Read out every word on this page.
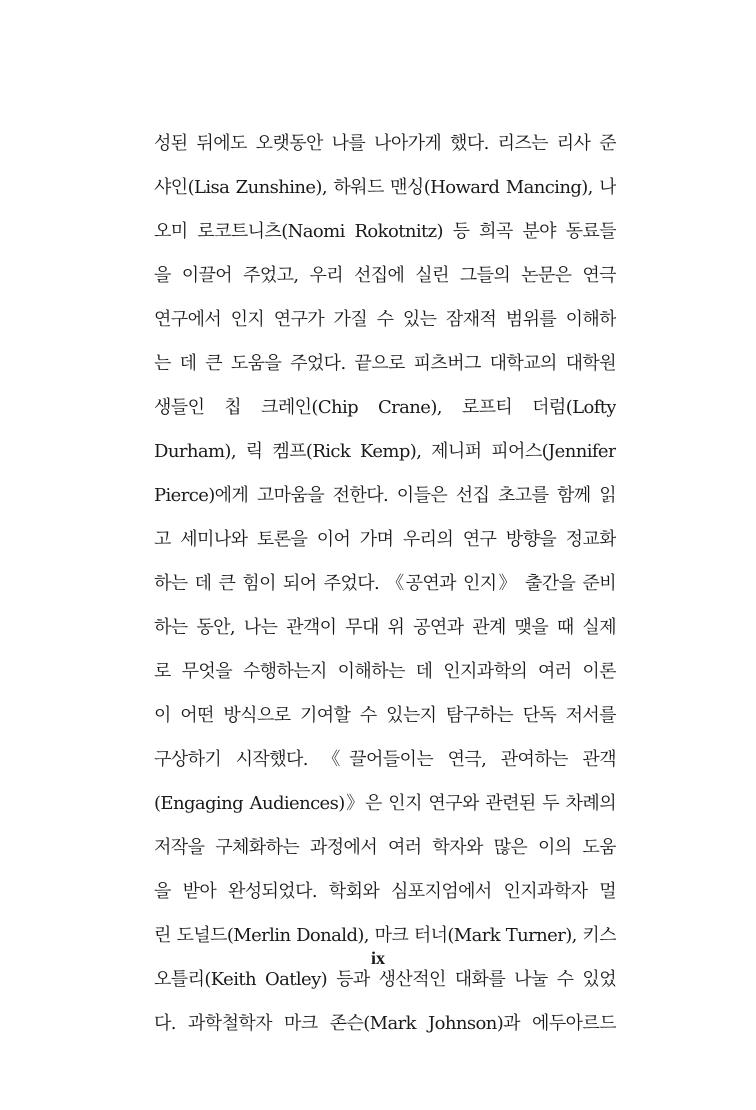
성된 뒤에도 오랫동안 나를 나아가게 했다. 리즈는 리사 준
샤인(Lisa Zunshine), 하워드 맨싱(Howard Mancing), 나
오미 로코트니츠(Naomi Rokotnitz) 등 희곡 분야 동료들
을 이끌어 주었고, 우리 선집에 실린 그들의 논문은 연극
연구에서 인지 연구가 가질 수 있는 잠재적 범위를 이해하
는 데 큰 도움을 주었다. 끝으로 피츠버그 대학교의 대학원
생들인 칩 크레인(Chip Crane), 로프티 더럼(Lofty
Durham), 릭 켐프(Rick Kemp), 제니퍼 피어스(Jennifer
Pierce)에게 고마움을 전한다. 이들은 선집 초고를 함께 읽
고 세미나와 토론을 이어 가며 우리의 연구 방향을 정교화
하는 데 큰 힘이 되어 주었다. 《공연과 인지》 출간을 준비
하는 동안, 나는 관객이 무대 위 공연과 관계 맺을 때 실제
로 무엇을 수행하는지 이해하는 데 인지과학의 여러 이론
이 어떤 방식으로 기여할 수 있는지 탐구하는 단독 저서를
구상하기 시작했다. 《끌어들이는 연극, 관여하는 관객
(Engaging Audiences)》은 인지 연구와 관련된 두 차례의
저작을 구체화하는 과정에서 여러 학자와 많은 이의 도움
을 받아 완성되었다. 학회와 심포지엄에서 인지과학자 멀
린 도널드(Merlin Donald), 마크 터너(Mark Turner), 키스
오틀리(Keith Oatley) 등과 생산적인 대화를 나눌 수 있었
다. 과학철학자 마크 존슨(Mark Johnson)과 에두아르드
ix
